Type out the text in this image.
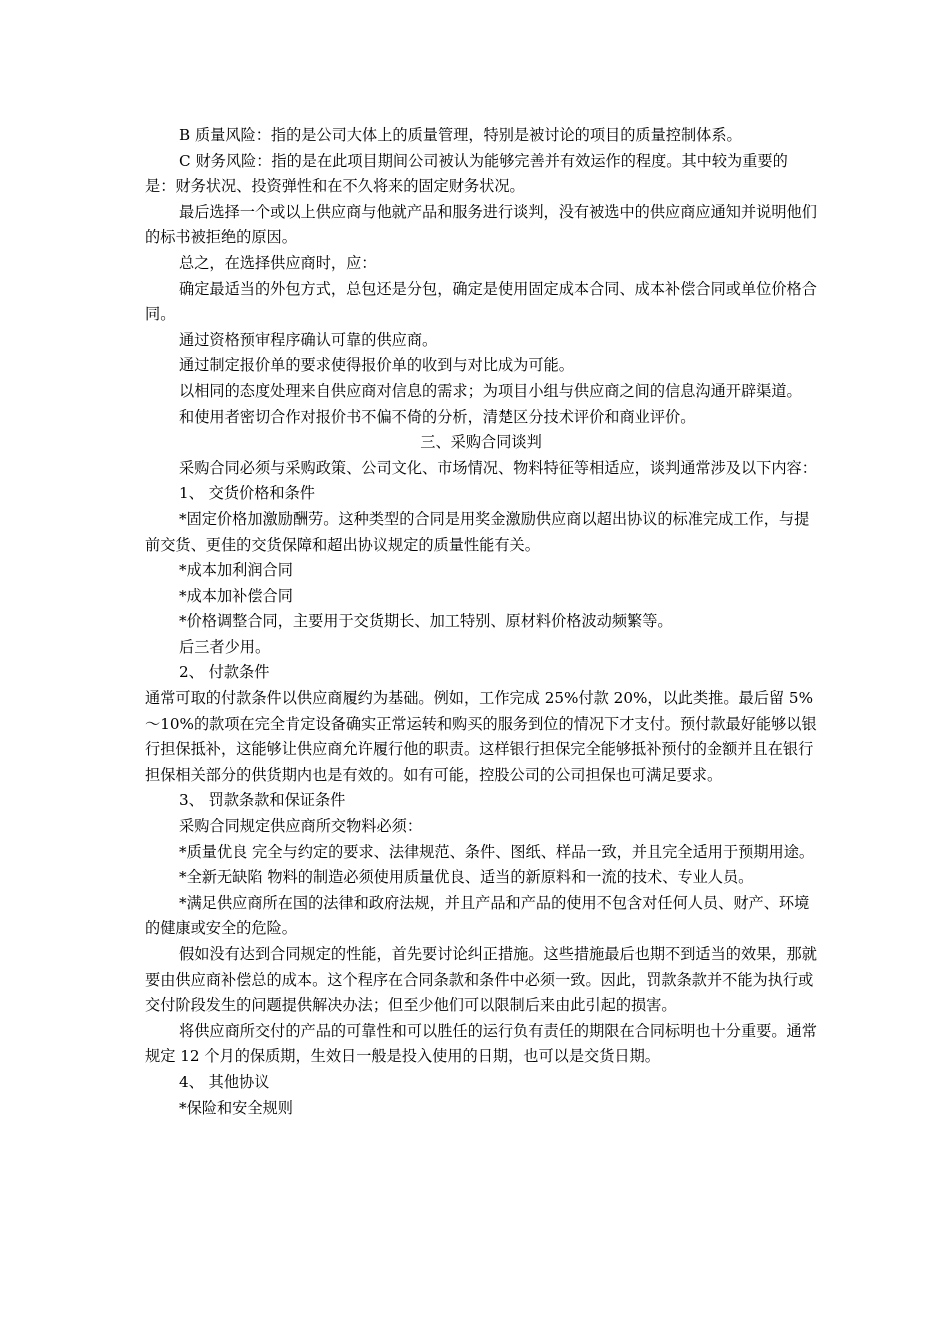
B 质量风险：指的是公司大体上的质量管理，特别是被讨论的项目的质量控制体系。

C 财务风险：指的是在此项目期间公司被认为能够完善并有效运作的程度。其中较为重要的是：财务状况、投资弹性和在不久将来的固定财务状况。

最后选择一个或以上供应商与他就产品和服务进行谈判，没有被选中的供应商应通知并说明他们的标书被拒绝的原因。

总之，在选择供应商时，应：

确定最适当的外包方式，总包还是分包，确定是使用固定成本合同、成本补偿合同或单位价格合同。

通过资格预审程序确认可靠的供应商。

通过制定报价单的要求使得报价单的收到与对比成为可能。

以相同的态度处理来自供应商对信息的需求；为项目小组与供应商之间的信息沟通开辟渠道。

和使用者密切合作对报价书不偏不倚的分析，清楚区分技术评价和商业评价。

三、采购合同谈判

采购合同必须与采购政策、公司文化、市场情况、物料特征等相适应，谈判通常涉及以下内容：

1、 交货价格和条件

*固定价格加激励酬劳。这种类型的合同是用奖金激励供应商以超出协议的标准完成工作，与提前交货、更佳的交货保障和超出协议规定的质量性能有关。

*成本加利润合同

*成本加补偿合同

*价格调整合同，主要用于交货期长、加工特别、原材料价格波动频繁等。

后三者少用。

2、 付款条件

通常可取的付款条件以供应商履约为基础。例如，工作完成 25%付款 20%，以此类推。最后留 5%～10%的款项在完全肯定设备确实正常运转和购买的服务到位的情况下才支付。预付款最好能够以银行担保抵补，这能够让供应商允许履行他的职责。这样银行担保完全能够抵补预付的金额并且在银行担保相关部分的供货期内也是有效的。如有可能，控股公司的公司担保也可满足要求。

3、 罚款条款和保证条件

采购合同规定供应商所交物料必须：

*质量优良 完全与约定的要求、法律规范、条件、图纸、样品一致，并且完全适用于预期用途。

*全新无缺陷 物料的制造必须使用质量优良、适当的新原料和一流的技术、专业人员。

*满足供应商所在国的法律和政府法规，并且产品和产品的使用不包含对任何人员、财产、环境的健康或安全的危险。

假如没有达到合同规定的性能，首先要讨论纠正措施。这些措施最后也期不到适当的效果，那就要由供应商补偿总的成本。这个程序在合同条款和条件中必须一致。因此，罚款条款并不能为执行或交付阶段发生的问题提供解决办法；但至少他们可以限制后来由此引起的损害。

将供应商所交付的产品的可靠性和可以胜任的运行负有责任的期限在合同标明也十分重要。通常规定 12 个月的保质期，生效日一般是投入使用的日期，也可以是交货日期。

4、 其他协议

*保险和安全规则
